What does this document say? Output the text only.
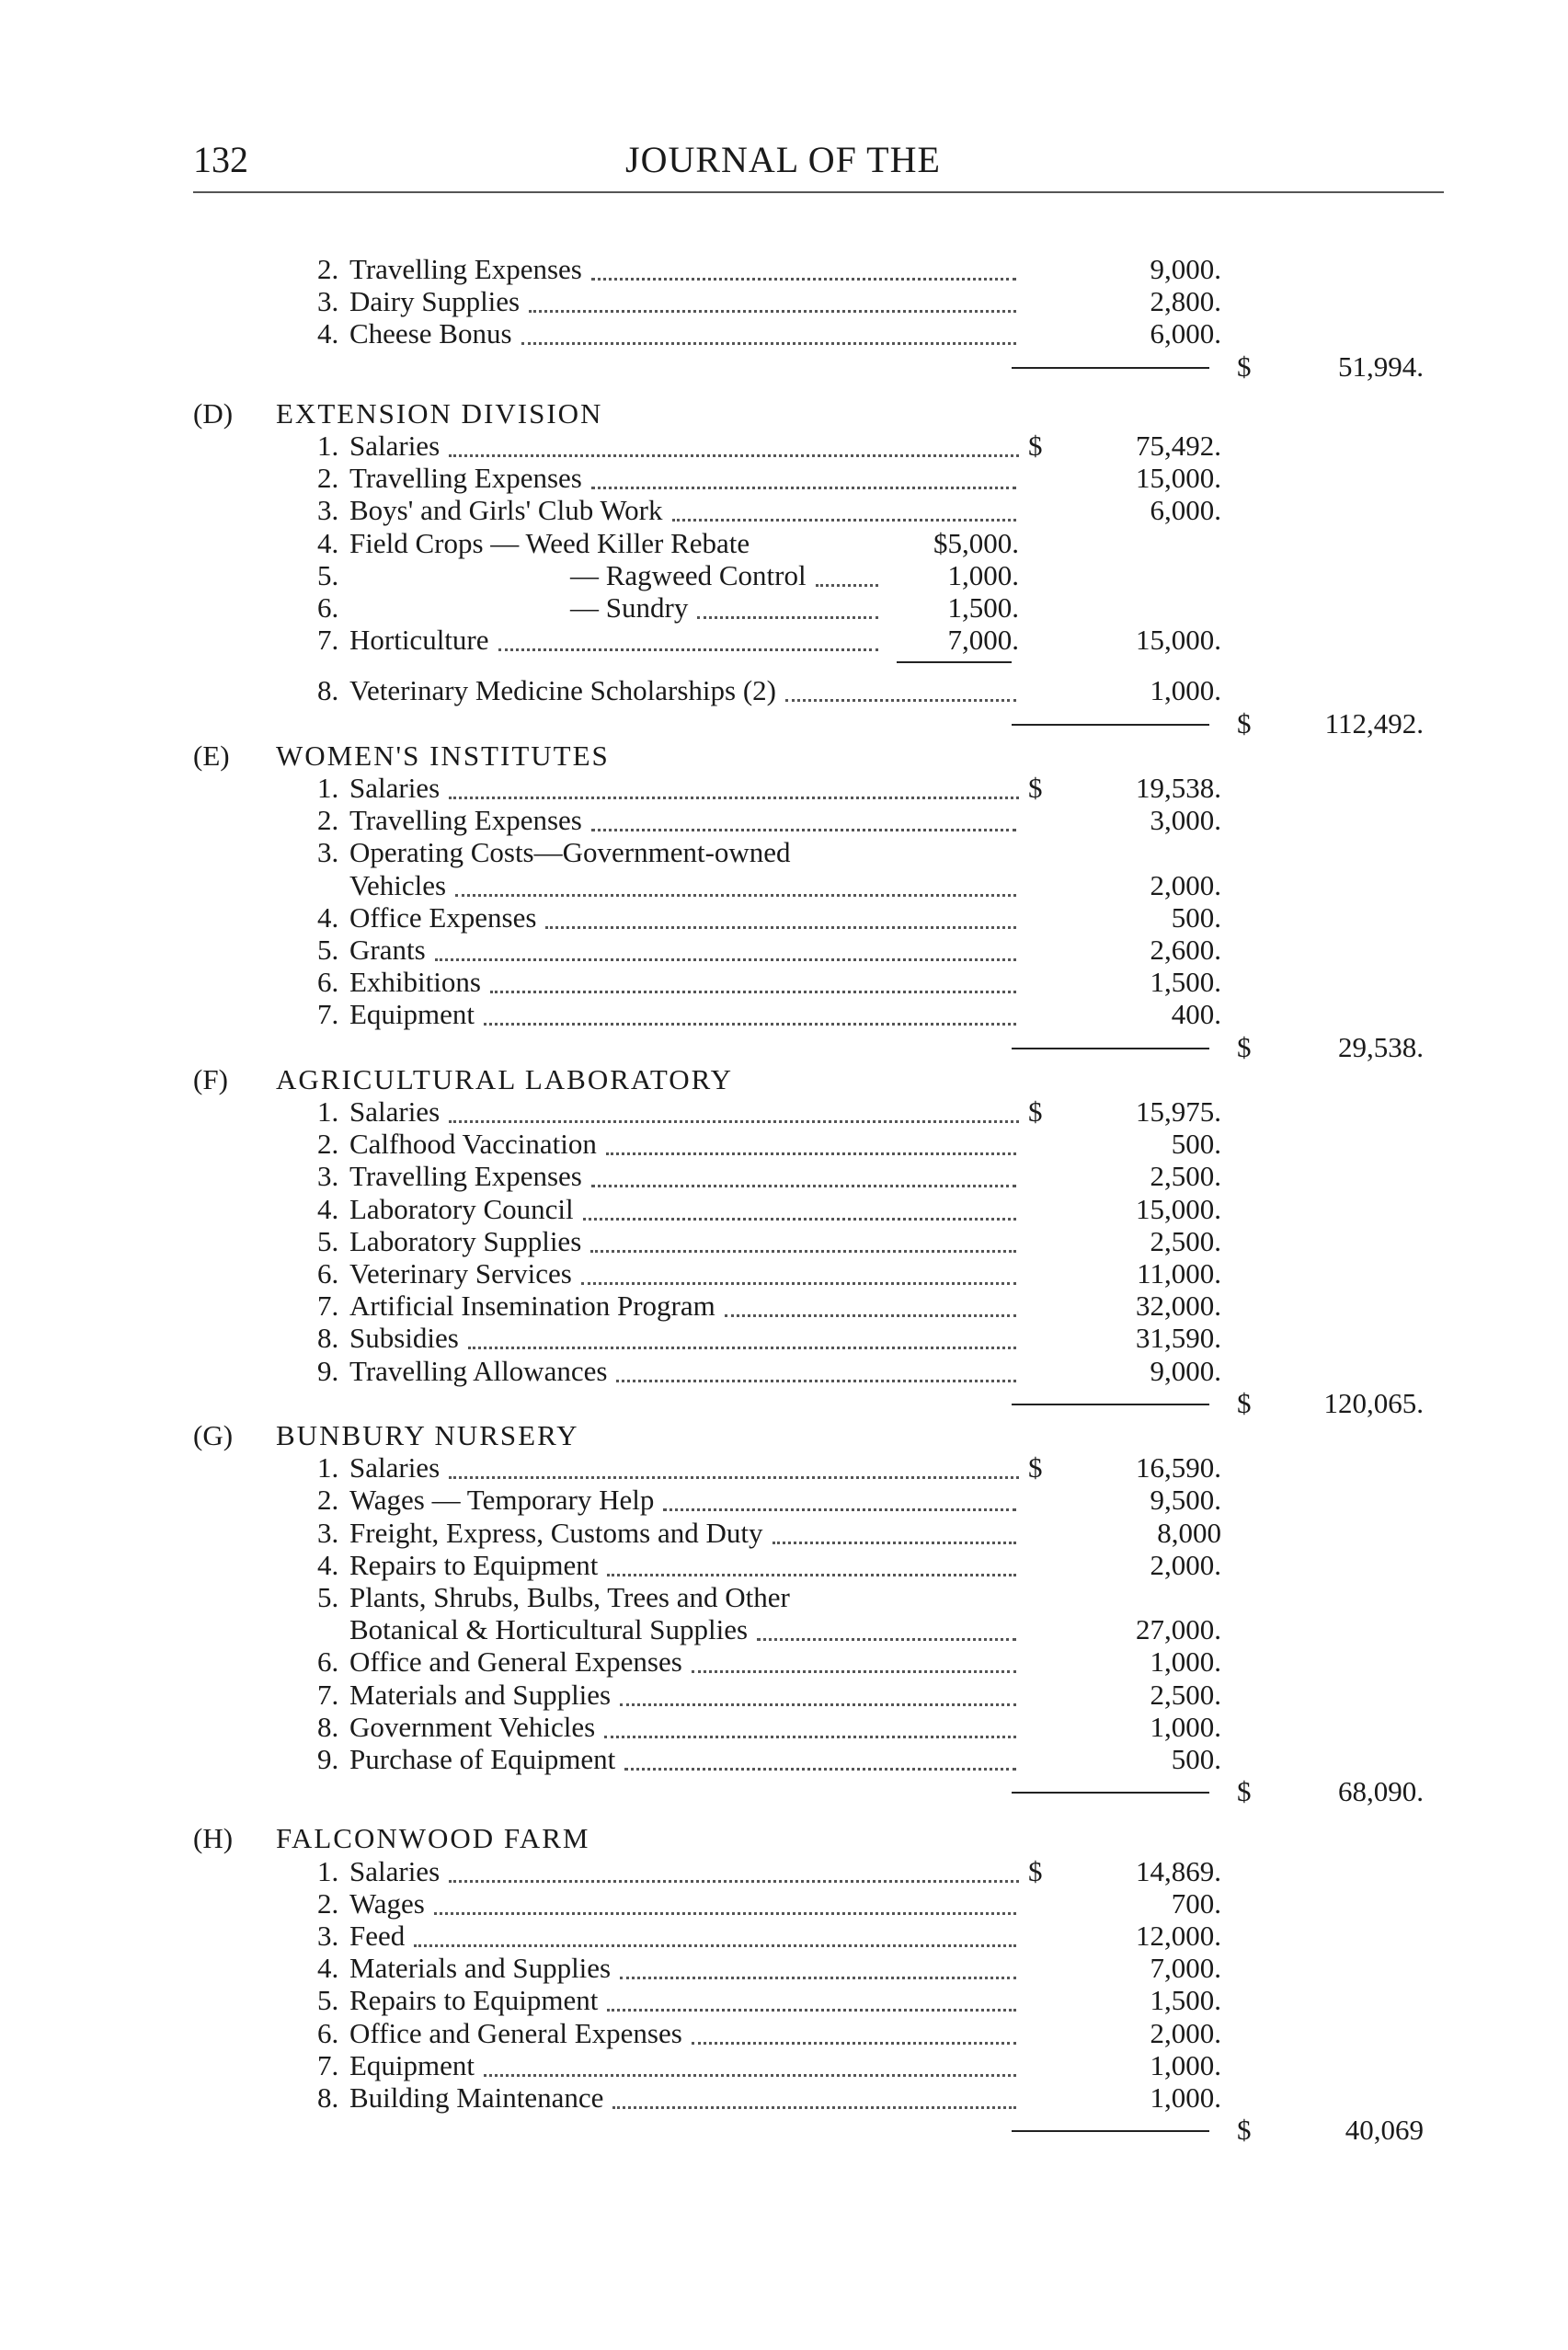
132	JOURNAL OF THE
2. Travelling Expenses	9,000.
3. Dairy Supplies	2,800.
4. Cheese Bonus	6,000.
$	51,994.
(D) EXTENSION DIVISION
1. Salaries	$	75,492.
2. Travelling Expenses	15,000.
3. Boys' and Girls' Club Work	6,000.
4. Field Crops — Weed Killer Rebate	$5,000.
5.	— Ragweed Control	1,000.
6.	— Sundry	1,500.
7. Horticulture	7,000.	15,000.
8. Veterinary Medicine Scholarships (2)	1,000.
$	112,492.
(E) WOMEN'S INSTITUTES
1. Salaries	$	19,538.
2. Travelling Expenses	3,000.
3. Operating Costs—Government-owned
Vehicles	2,000.
4. Office Expenses	500.
5. Grants	2,600.
6. Exhibitions	1,500.
7. Equipment	400.
$	29,538.
(F) AGRICULTURAL LABORATORY
1. Salaries	$	15,975.
2. Calfhood Vaccination	500.
3. Travelling Expenses	2,500.
4. Laboratory Council	15,000.
5. Laboratory Supplies	2,500.
6. Veterinary Services	11,000.
7. Artificial Insemination Program	32,000.
8. Subsidies	31,590.
9. Travelling Allowances	9,000.
$	120,065.
(G) BUNBURY NURSERY
1. Salaries	$	16,590.
2. Wages — Temporary Help	9,500.
3. Freight, Express, Customs and Duty	8,000
4. Repairs to Equipment	2,000.
5. Plants, Shrubs, Bulbs, Trees and Other
Botanical & Horticultural Supplies	27,000.
6. Office and General Expenses	1,000.
7. Materials and Supplies	2,500.
8. Government Vehicles	1,000.
9. Purchase of Equipment	500.
$	68,090.
(H) FALCONWOOD FARM
1. Salaries	$	14,869.
2. Wages	700.
3. Feed	12,000.
4. Materials and Supplies	7,000.
5. Repairs to Equipment	1,500.
6. Office and General Expenses	2,000.
7. Equipment	1,000.
8. Building Maintenance	1,000.
$	40,069
